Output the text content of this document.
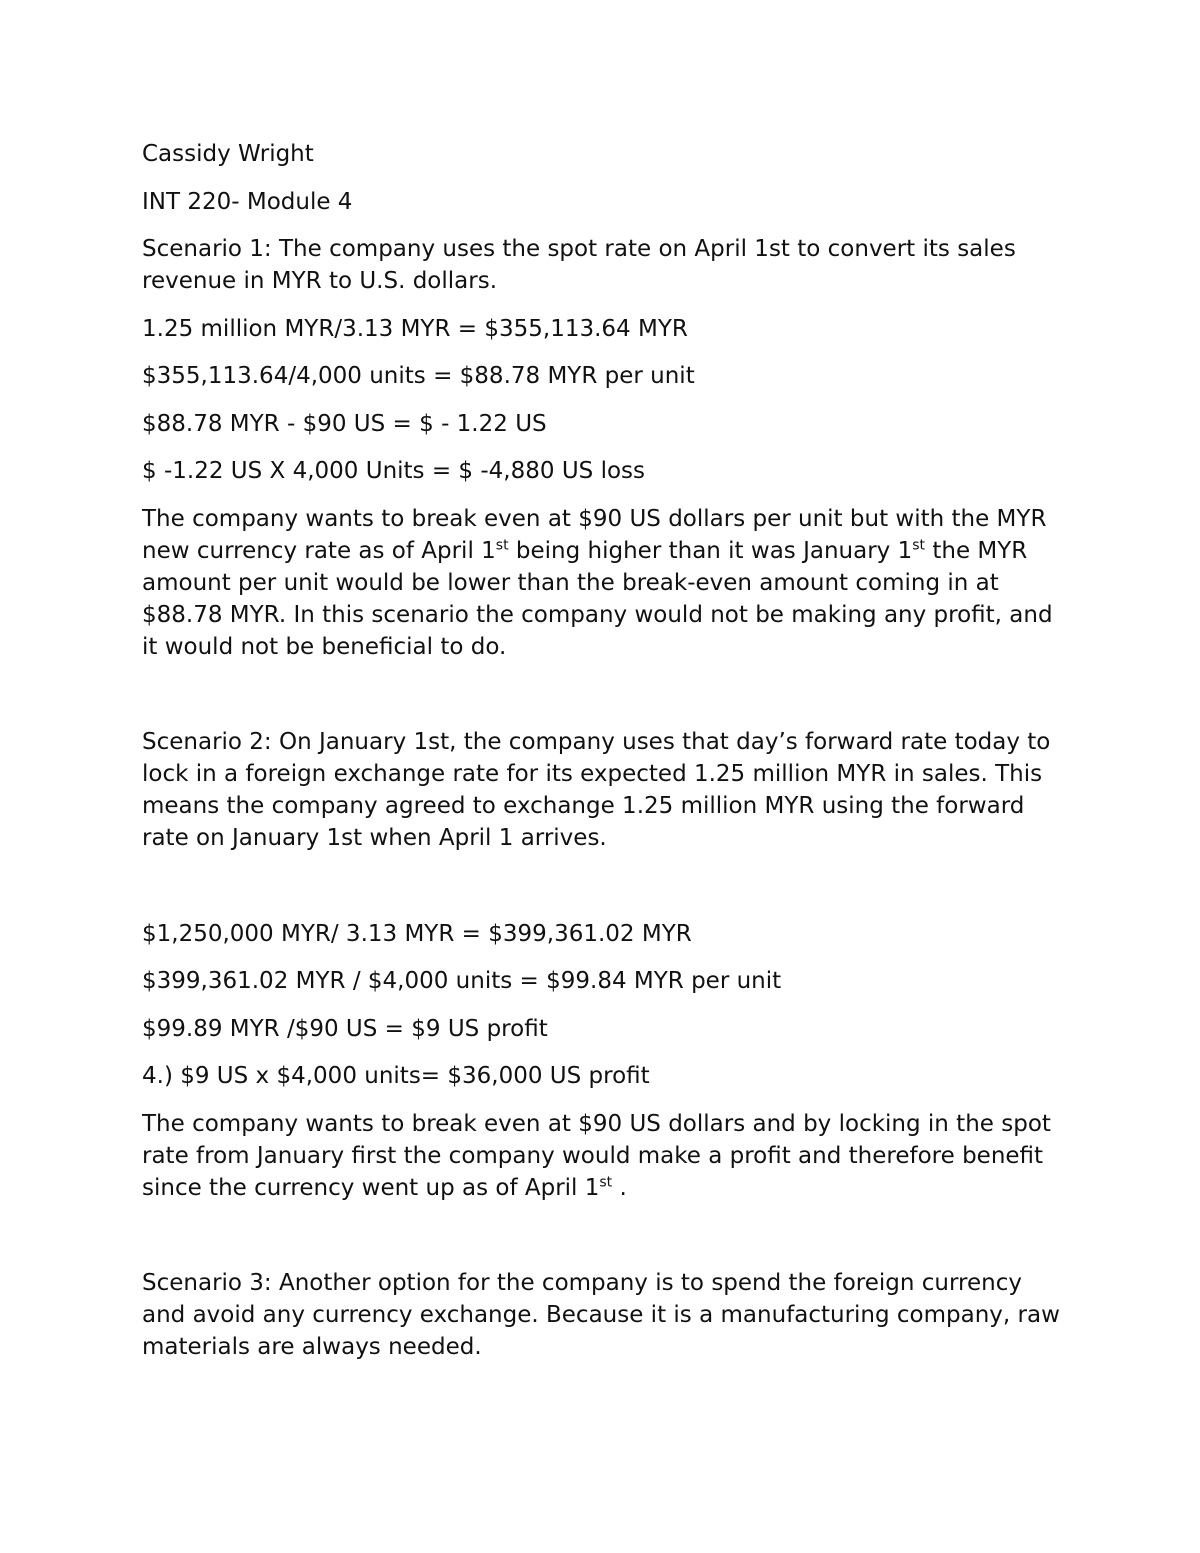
Cassidy Wright

INT 220- Module 4

Scenario 1: The company uses the spot rate on April 1st to convert its sales revenue in MYR to U.S. dollars.

1.25 million MYR/3.13 MYR = $355,113.64 MYR

$355,113.64/4,000 units = $88.78 MYR per unit

$88.78 MYR - $90 US = $ - 1.22 US

$ -1.22 US X 4,000 Units = $ -4,880 US loss

The company wants to break even at $90 US dollars per unit but with the MYR new currency rate as of April 1st being higher than it was January 1st the MYR amount per unit would be lower than the break-even amount coming in at $88.78 MYR. In this scenario the company would not be making any profit, and it would not be beneficial to do.

Scenario 2: On January 1st, the company uses that day’s forward rate today to lock in a foreign exchange rate for its expected 1.25 million MYR in sales. This means the company agreed to exchange 1.25 million MYR using the forward rate on January 1st when April 1 arrives.

$1,250,000 MYR/ 3.13 MYR = $399,361.02 MYR

$399,361.02 MYR / $4,000 units = $99.84 MYR per unit

$99.89 MYR /$90 US = $9 US profit

4.) $9 US x $4,000 units= $36,000 US profit

The company wants to break even at $90 US dollars and by locking in the spot rate from January first the company would make a profit and therefore benefit since the currency went up as of April 1st .

Scenario 3: Another option for the company is to spend the foreign currency and avoid any currency exchange. Because it is a manufacturing company, raw materials are always needed.
